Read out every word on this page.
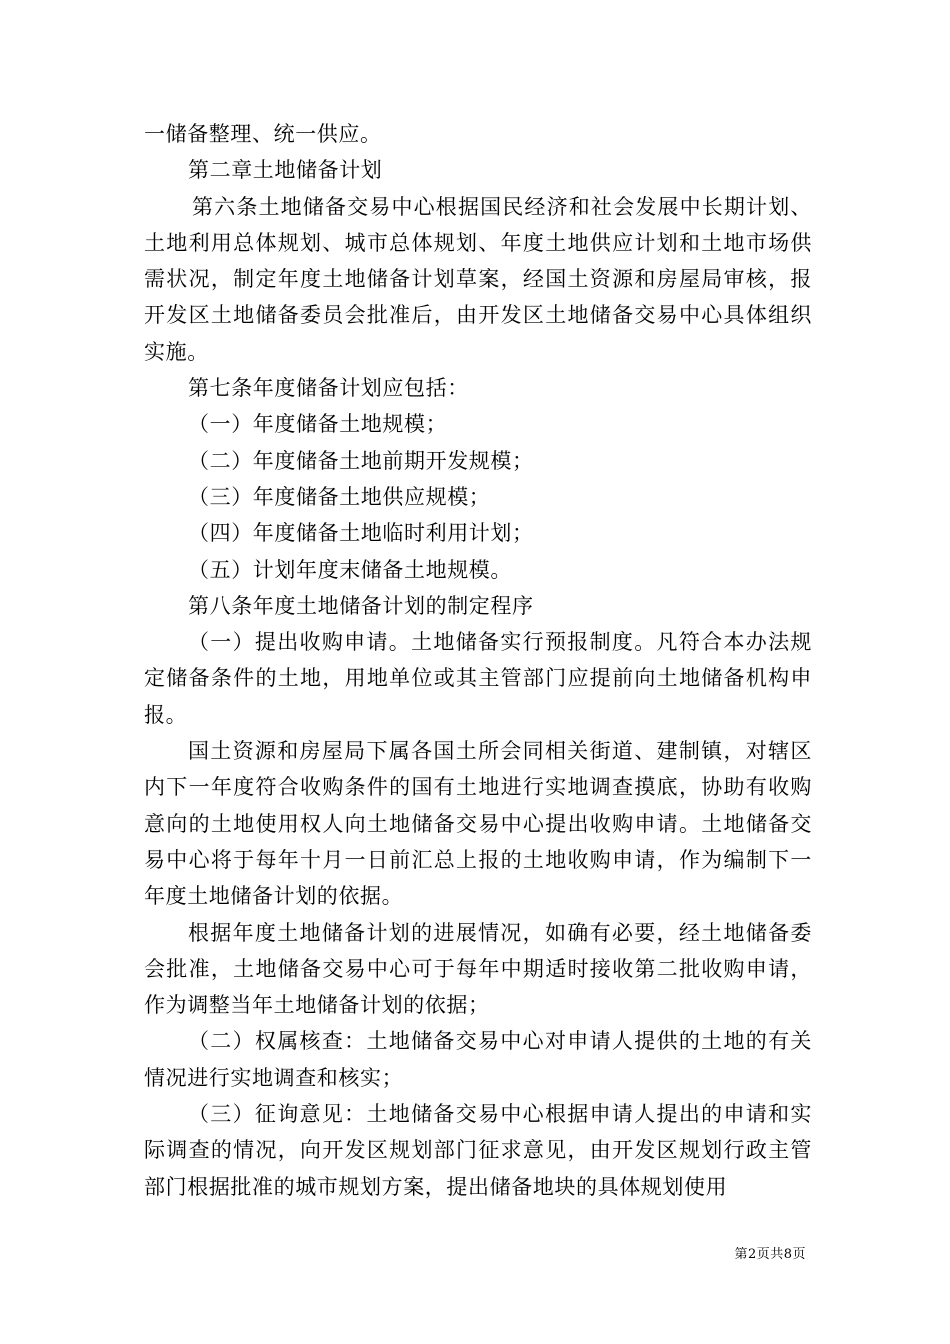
一储备整理、统一供应。

第二章土地储备计划

第六条土地储备交易中心根据国民经济和社会发展中长期计划、土地利用总体规划、城市总体规划、年度土地供应计划和土地市场供需状况，制定年度土地储备计划草案，经国土资源和房屋局审核，报开发区土地储备委员会批准后，由开发区土地储备交易中心具体组织实施。

第七条年度储备计划应包括：

（一）年度储备土地规模；

（二）年度储备土地前期开发规模；

（三）年度储备土地供应规模；

（四）年度储备土地临时利用计划；

（五）计划年度末储备土地规模。

第八条年度土地储备计划的制定程序

（一）提出收购申请。土地储备实行预报制度。凡符合本办法规定储备条件的土地，用地单位或其主管部门应提前向土地储备机构申报。

国土资源和房屋局下属各国土所会同相关街道、建制镇，对辖区内下一年度符合收购条件的国有土地进行实地调查摸底，协助有收购意向的土地使用权人向土地储备交易中心提出收购申请。土地储备交易中心将于每年十月一日前汇总上报的土地收购申请，作为编制下一年度土地储备计划的依据。

根据年度土地储备计划的进展情况，如确有必要，经土地储备委会批准，土地储备交易中心可于每年中期适时接收第二批收购申请，作为调整当年土地储备计划的依据；

（二）权属核查：土地储备交易中心对申请人提供的土地的有关情况进行实地调查和核实；

（三）征询意见：土地储备交易中心根据申请人提出的申请和实际调查的情况，向开发区规划部门征求意见，由开发区规划行政主管部门根据批准的城市规划方案，提出储备地块的具体规划使用

第2页共8页
